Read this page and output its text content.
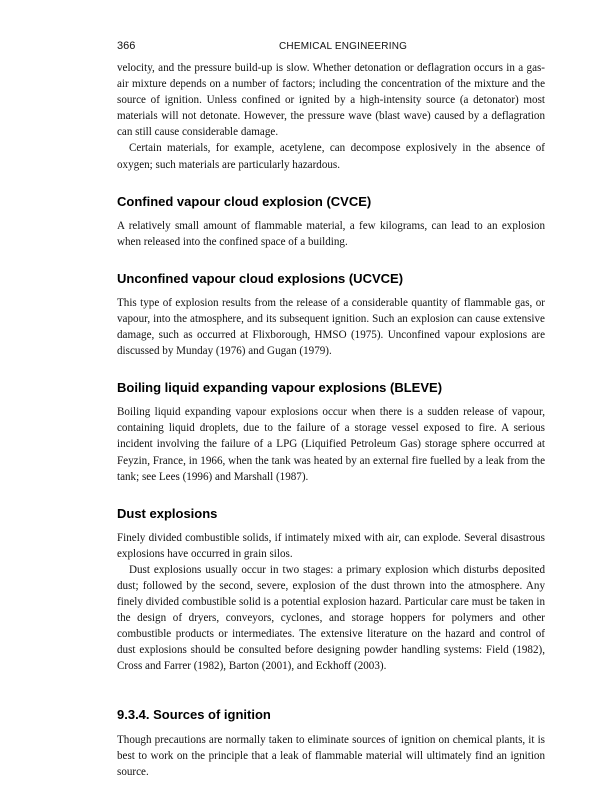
366	CHEMICAL ENGINEERING

velocity, and the pressure build-up is slow. Whether detonation or deflagration occurs in a gas-air mixture depends on a number of factors; including the concentration of the mixture and the source of ignition. Unless confined or ignited by a high-intensity source (a detonator) most materials will not detonate. However, the pressure wave (blast wave) caused by a deflagration can still cause considerable damage.

Certain materials, for example, acetylene, can decompose explosively in the absence of oxygen; such materials are particularly hazardous.

Confined vapour cloud explosion (CVCE)

A relatively small amount of flammable material, a few kilograms, can lead to an explosion when released into the confined space of a building.

Unconfined vapour cloud explosions (UCVCE)

This type of explosion results from the release of a considerable quantity of flammable gas, or vapour, into the atmosphere, and its subsequent ignition. Such an explosion can cause extensive damage, such as occurred at Flixborough, HMSO (1975). Unconfined vapour explosions are discussed by Munday (1976) and Gugan (1979).

Boiling liquid expanding vapour explosions (BLEVE)

Boiling liquid expanding vapour explosions occur when there is a sudden release of vapour, containing liquid droplets, due to the failure of a storage vessel exposed to fire. A serious incident involving the failure of a LPG (Liquified Petroleum Gas) storage sphere occurred at Feyzin, France, in 1966, when the tank was heated by an external fire fuelled by a leak from the tank; see Lees (1996) and Marshall (1987).

Dust explosions

Finely divided combustible solids, if intimately mixed with air, can explode. Several disastrous explosions have occurred in grain silos.

Dust explosions usually occur in two stages: a primary explosion which disturbs deposited dust; followed by the second, severe, explosion of the dust thrown into the atmosphere. Any finely divided combustible solid is a potential explosion hazard. Particular care must be taken in the design of dryers, conveyors, cyclones, and storage hoppers for polymers and other combustible products or intermediates. The extensive literature on the hazard and control of dust explosions should be consulted before designing powder handling systems: Field (1982), Cross and Farrer (1982), Barton (2001), and Eckhoff (2003).

9.3.4. Sources of ignition

Though precautions are normally taken to eliminate sources of ignition on chemical plants, it is best to work on the principle that a leak of flammable material will ultimately find an ignition source.
